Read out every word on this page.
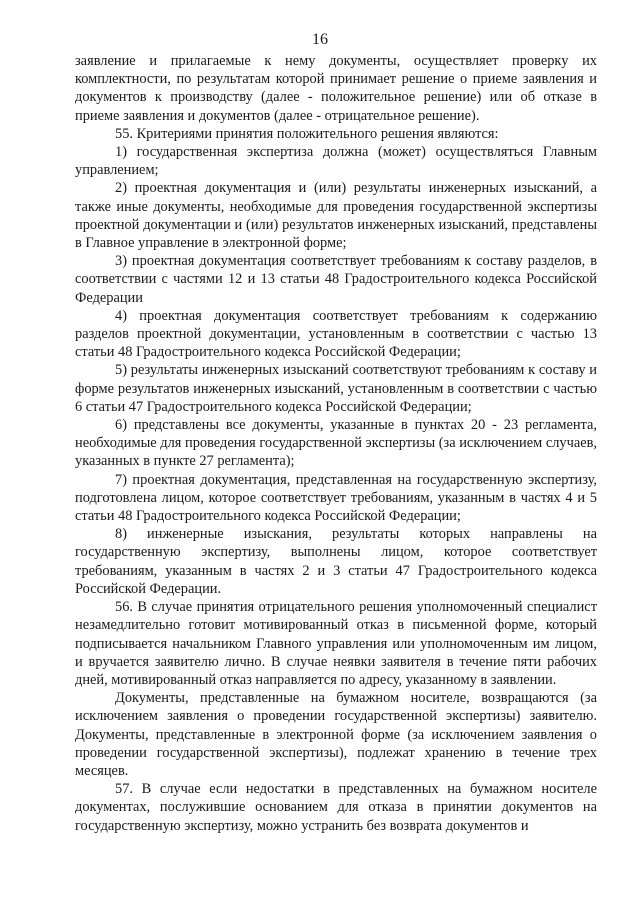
16

заявление и прилагаемые к нему документы, осуществляет проверку их комплектности, по результатам которой принимает решение о приеме заявления и документов к производству (далее - положительное решение) или об отказе в приеме заявления и документов (далее - отрицательное решение).

55. Критериями принятия положительного решения являются:

1) государственная экспертиза должна (может) осуществляться Главным управлением;

2) проектная документация и (или) результаты инженерных изысканий, а также иные документы, необходимые для проведения государственной экспертизы проектной документации и (или) результатов инженерных изысканий, представлены в Главное управление в электронной форме;

3) проектная документация соответствует требованиям к составу разделов, в соответствии с частями 12 и 13 статьи 48 Градостроительного кодекса Российской Федерации

4) проектная документация соответствует требованиям к содержанию разделов проектной документации, установленным в соответствии с частью 13 статьи 48 Градостроительного кодекса Российской Федерации;

5) результаты инженерных изысканий соответствуют требованиям к составу и форме результатов инженерных изысканий, установленным в соответствии с частью 6 статьи 47 Градостроительного кодекса Российской Федерации;

6) представлены все документы, указанные в пунктах 20 - 23 регламента, необходимые для проведения государственной экспертизы (за исключением случаев, указанных в пункте 27 регламента);

7) проектная документация, представленная на государственную экспертизу, подготовлена лицом, которое соответствует требованиям, указанным в частях 4 и 5 статьи 48 Градостроительного кодекса Российской Федерации;

8) инженерные изыскания, результаты которых направлены на государственную экспертизу, выполнены лицом, которое соответствует требованиям, указанным в частях 2 и 3 статьи 47 Градостроительного кодекса Российской Федерации.

56. В случае принятия отрицательного решения уполномоченный специалист незамедлительно готовит мотивированный отказ в письменной форме, который подписывается начальником Главного управления или уполномоченным им лицом, и вручается заявителю лично. В случае неявки заявителя в течение пяти рабочих дней, мотивированный отказ направляется по адресу, указанному в заявлении.

Документы, представленные на бумажном носителе, возвращаются (за исключением заявления о проведении государственной экспертизы) заявителю. Документы, представленные в электронной форме (за исключением заявления о проведении государственной экспертизы), подлежат хранению в течение трех месяцев.

57. В случае если недостатки в представленных на бумажном носителе документах, послужившие основанием для отказа в принятии документов на государственную экспертизу, можно устранить без возврата документов и
